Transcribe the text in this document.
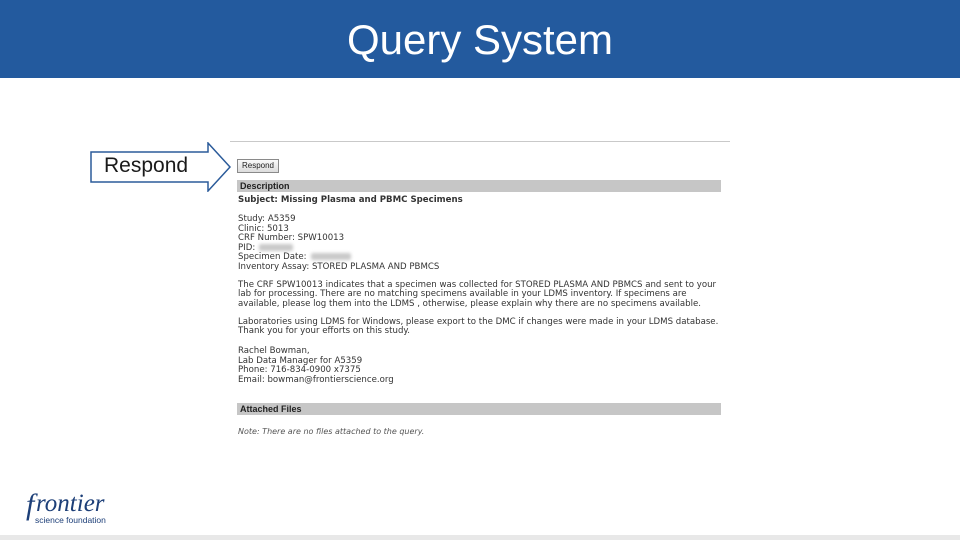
Query System
Respond	Respond
Description
Subject: Missing Plasma and PBMC Specimens
Study: A5359
Clinic: 5013
CRF Number: SPW10013
PID:
Specimen Date:
Inventory Assay: STORED PLASMA AND PBMCS
The CRF SPW10013 indicates that a specimen was collected for STORED PLASMA AND PBMCS and sent to your lab for processing. There are no matching specimens available in your LDMS inventory. If specimens are available, please log them into the LDMS , otherwise, please explain why there are no specimens available.
Laboratories using LDMS for Windows, please export to the DMC if changes were made in your LDMS database. Thank you for your efforts on this study.
Rachel Bowman,
Lab Data Manager for A5359
Phone: 716-834-0900 x7375
Email: bowman@frontierscience.org
Attached Files
Note: There are no files attached to the query.
f rontier
science foundation
